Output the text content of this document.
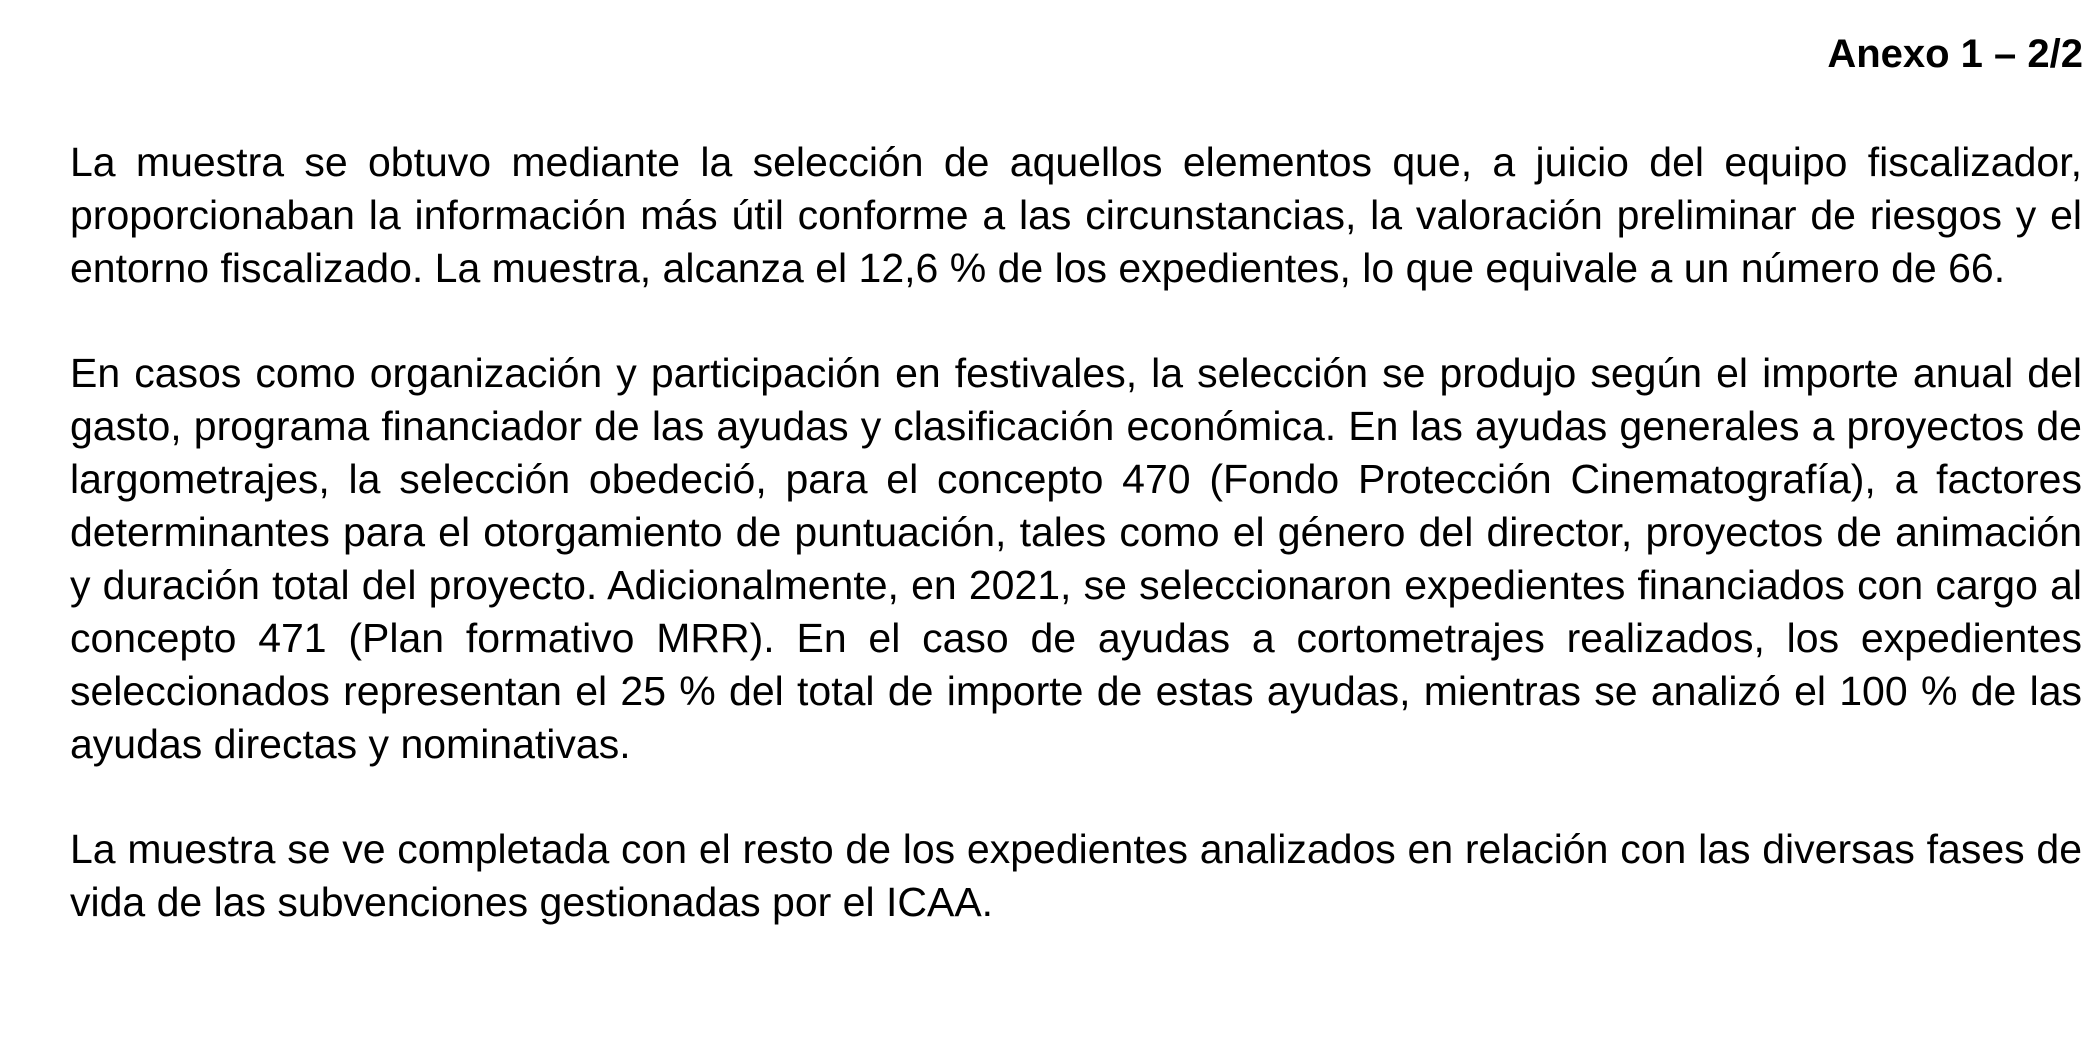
Anexo 1 – 2/2

La muestra se obtuvo mediante la selección de aquellos elementos que, a juicio del equipo fiscalizador, proporcionaban la información más útil conforme a las circunstancias, la valoración preliminar de riesgos y el entorno fiscalizado. La muestra, alcanza el 12,6 % de los expedientes, lo que equivale a un número de 66.

En casos como organización y participación en festivales, la selección se produjo según el importe anual del gasto, programa financiador de las ayudas y clasificación económica. En las ayudas generales a proyectos de largometrajes, la selección obedeció, para el concepto 470 (Fondo Protección Cinematografía), a factores determinantes para el otorgamiento de puntuación, tales como el género del director, proyectos de animación y duración total del proyecto. Adicionalmente, en 2021, se seleccionaron expedientes financiados con cargo al concepto 471 (Plan formativo MRR). En el caso de ayudas a cortometrajes realizados, los expedientes seleccionados representan el 25 % del total de importe de estas ayudas, mientras se analizó el 100 % de las ayudas directas y nominativas.

La muestra se ve completada con el resto de los expedientes analizados en relación con las diversas fases de vida de las subvenciones gestionadas por el ICAA.
